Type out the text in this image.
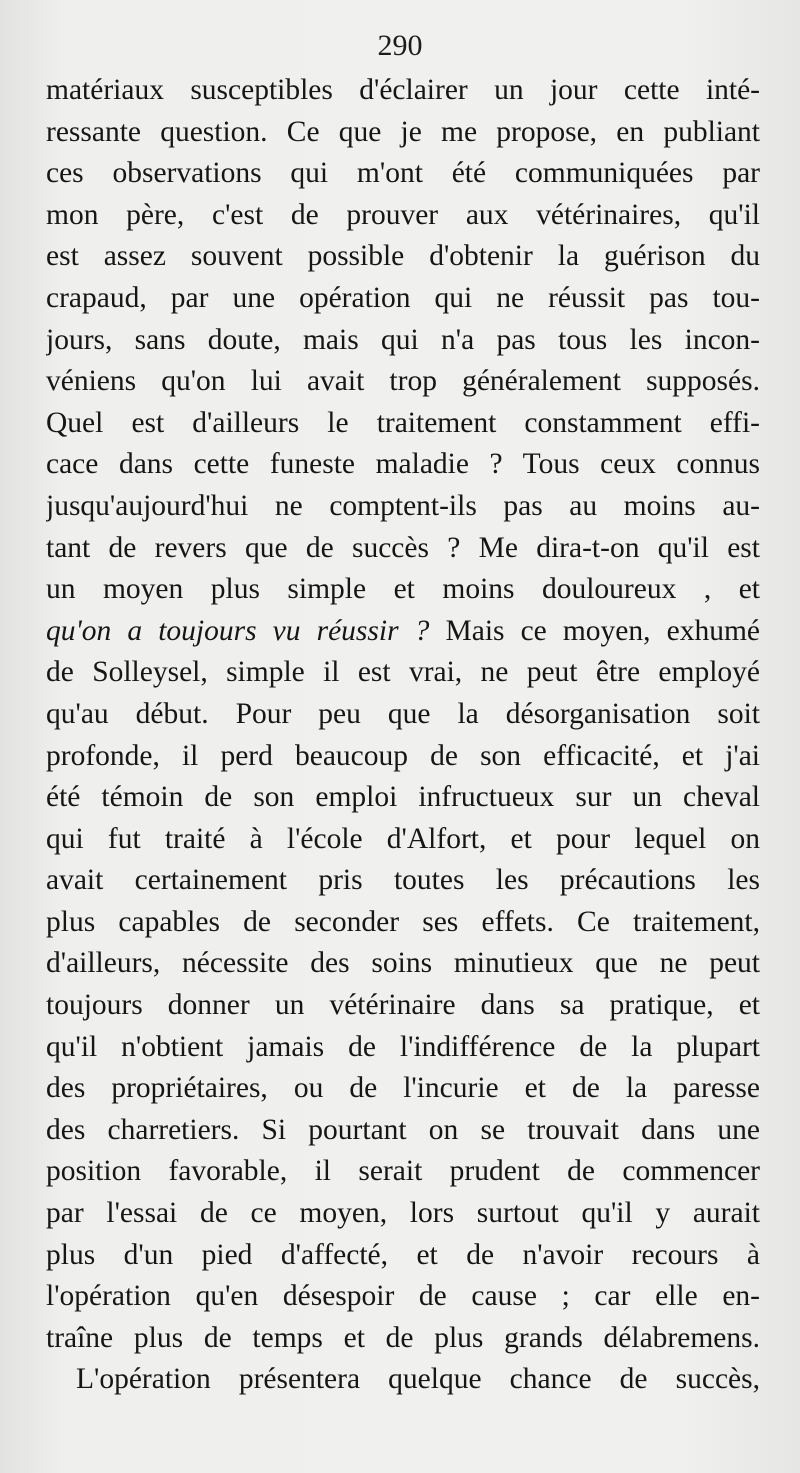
290
matériaux susceptibles d'éclairer un jour cette inté-
ressante question. Ce que je me propose, en publiant
ces observations qui m'ont été communiquées par
mon père, c'est de prouver aux vétérinaires, qu'il
est assez souvent possible d'obtenir la guérison du
crapaud, par une opération qui ne réussit pas tou-
jours, sans doute, mais qui n'a pas tous les incon-
véniens qu'on lui avait trop généralement supposés.
Quel est d'ailleurs le traitement constamment effi-
cace dans cette funeste maladie ? Tous ceux connus
jusqu'aujourd'hui ne comptent-ils pas au moins au-
tant de revers que de succès ? Me dira-t-on qu'il est
un moyen plus simple et moins douloureux , et
qu'on a toujours vu réussir ? Mais ce moyen, exhumé
de Solleysel, simple il est vrai, ne peut être employé
qu'au début. Pour peu que la désorganisation soit
profonde, il perd beaucoup de son efficacité, et j'ai
été témoin de son emploi infructueux sur un cheval
qui fut traité à l'école d'Alfort, et pour lequel on
avait certainement pris toutes les précautions les
plus capables de seconder ses effets. Ce traitement,
d'ailleurs, nécessite des soins minutieux que ne peut
toujours donner un vétérinaire dans sa pratique, et
qu'il n'obtient jamais de l'indifférence de la plupart
des propriétaires, ou de l'incurie et de la paresse
des charretiers. Si pourtant on se trouvait dans une
position favorable, il serait prudent de commencer
par l'essai de ce moyen, lors surtout qu'il y aurait
plus d'un pied d'affecté, et de n'avoir recours à
l'opération qu'en désespoir de cause ; car elle en-
traîne plus de temps et de plus grands délabremens.
L'opération présentera quelque chance de succès,
